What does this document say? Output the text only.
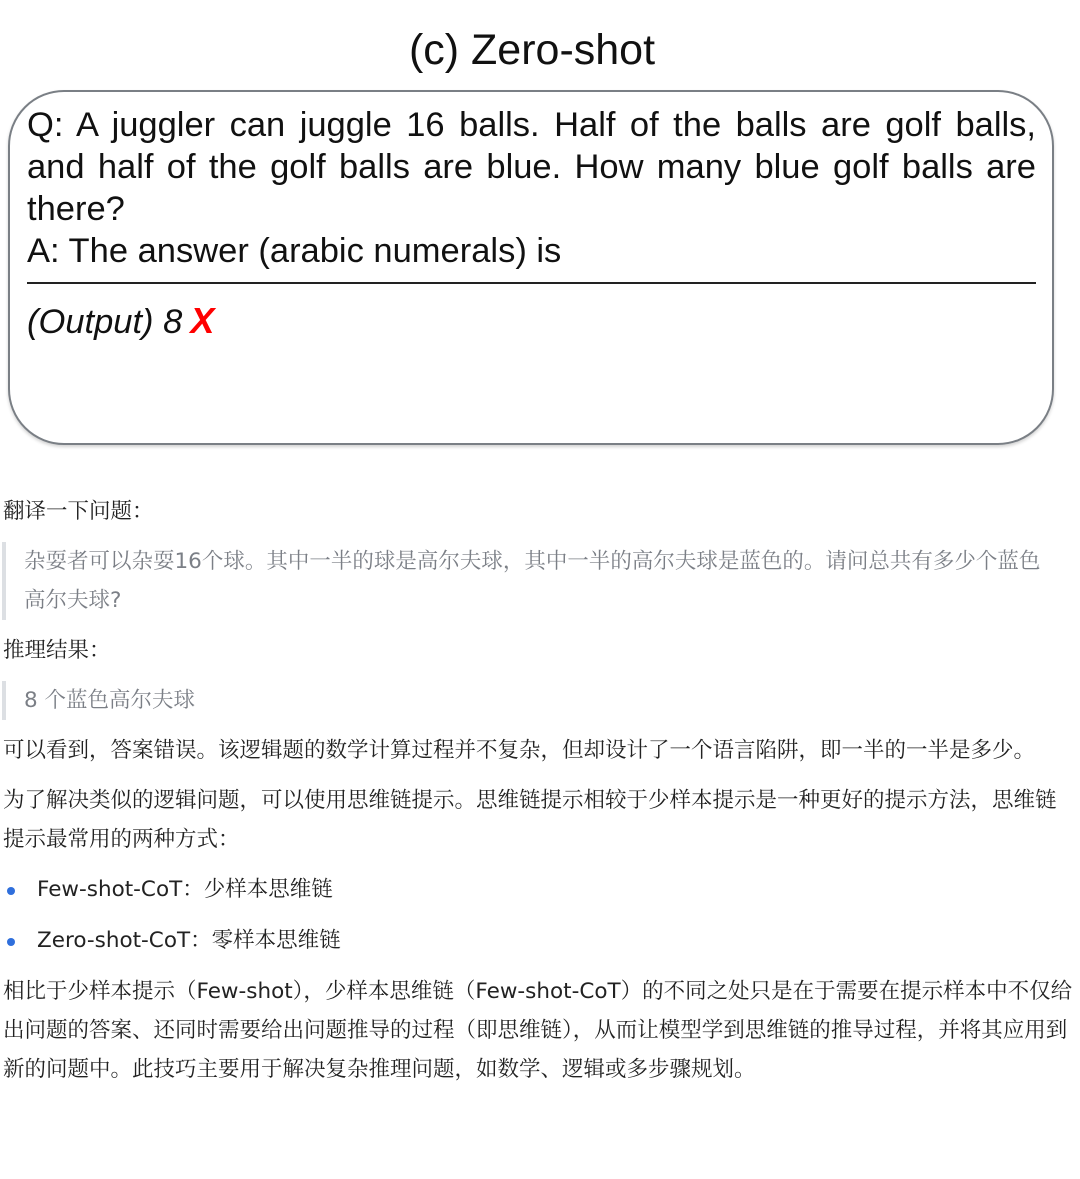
(c) Zero-shot
Q: A juggler can juggle 16 balls. Half of the balls are golf balls, and half of the golf balls are blue. How many blue golf balls are there?
A: The answer (arabic numerals) is
(Output) 8 X

翻译一下问题：

杂耍者可以杂耍16个球。其中一半的球是高尔夫球，其中一半的高尔夫球是蓝色的。请问总共有多少个蓝色高尔夫球?

推理结果：

8 个蓝色高尔夫球

可以看到，答案错误。该逻辑题的数学计算过程并不复杂，但却设计了一个语言陷阱，即一半的一半是多少。

为了解决类似的逻辑问题，可以使用思维链提示。思维链提示相较于少样本提示是一种更好的提示方法，思维链提示最常用的两种方式：

Few-shot-CoT：少样本思维链
Zero-shot-CoT：零样本思维链

相比于少样本提示（Few-shot），少样本思维链（Few-shot-CoT）的不同之处只是在于需要在提示样本中不仅给出问题的答案、还同时需要给出问题推导的过程（即思维链），从而让模型学到思维链的推导过程，并将其应用到新的问题中。此技巧主要用于解决复杂推理问题，如数学、逻辑或多步骤规划。
